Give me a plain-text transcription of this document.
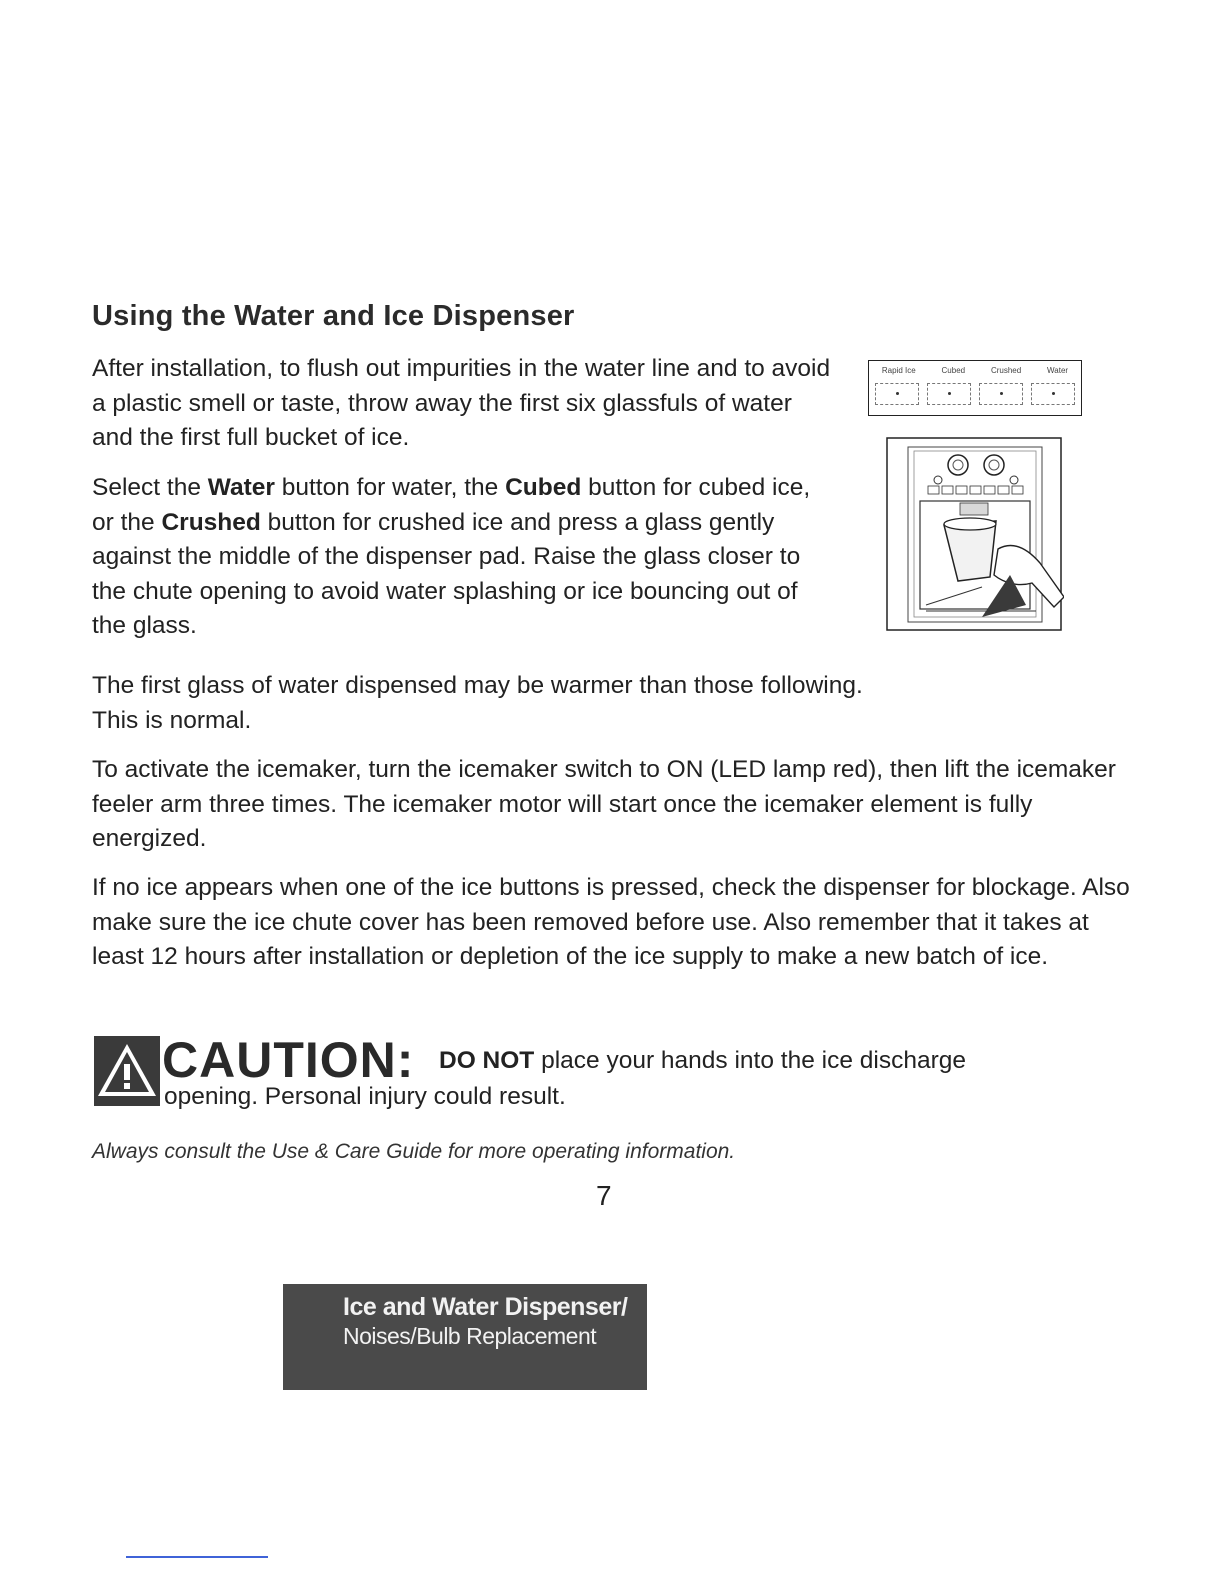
Using the Water and Ice Dispenser

After installation, to flush out impurities in the water line and to avoid a plastic smell or taste, throw away the first six glassfuls of water and the first full bucket of ice.

Select the Water button for water, the Cubed button for cubed ice, or the Crushed button for crushed ice and press a glass gently against the middle of the dispenser pad. Raise the glass closer to the chute opening to avoid water splashing or ice bouncing out of the glass.

The first glass of water dispensed may be warmer than those following.
This is normal.

To activate the icemaker, turn the icemaker switch to ON (LED lamp red), then lift the icemaker feeler arm three times. The icemaker motor will start once the icemaker element is fully energized.

If no ice appears when one of the ice buttons is pressed, check the dispenser for blockage. Also make sure the ice chute cover has been removed before use. Also remember that it takes at least 12 hours after installation or depletion of the ice supply to make a new batch of ice.

Rapid Ice	Cubed	Crushed	Water
CAUTION: DO NOT place your hands into the ice discharge
opening. Personal injury could result.
Always consult the Use & Care Guide for more operating information.
7
Ice and Water Dispenser/
Noises/Bulb Replacement
